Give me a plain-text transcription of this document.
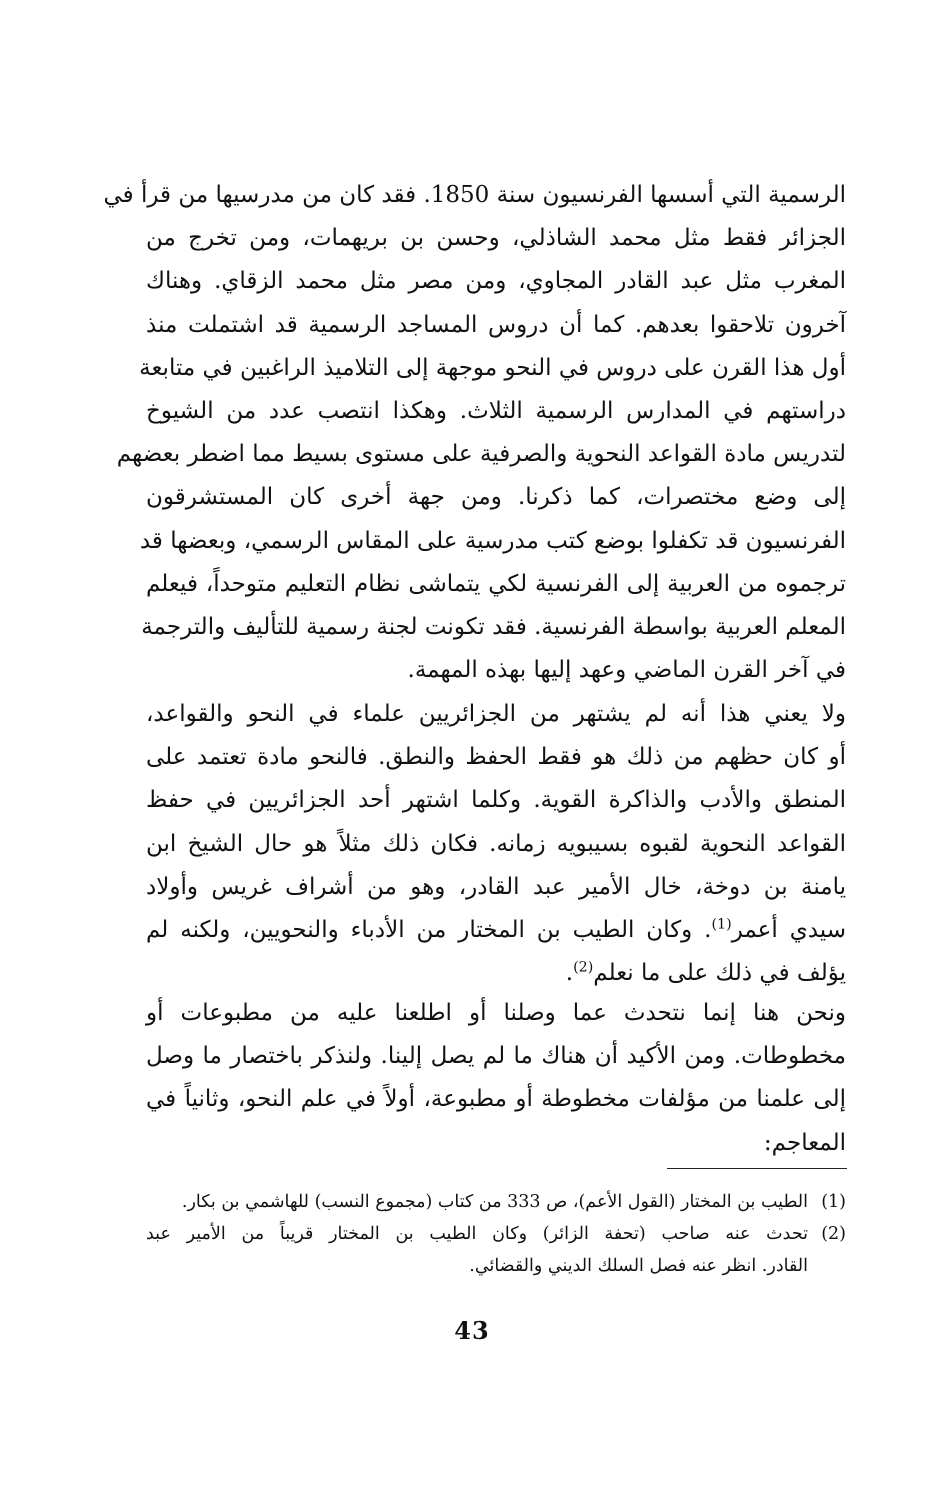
الرسمية التي أسسها الفرنسيون سنة 1850. فقد كان من مدرسيها من قرأ في
الجزائر فقط مثل محمد الشاذلي، وحسن بن بريهمات، ومن تخرج من
المغرب مثل عبد القادر المجاوي، ومن مصر مثل محمد الزقاي. وهناك
آخرون تلاحقوا بعدهم. كما أن دروس المساجد الرسمية قد اشتملت منذ
أول هذا القرن على دروس في النحو موجهة إلى التلاميذ الراغبين في متابعة
دراستهم في المدارس الرسمية الثلاث. وهكذا انتصب عدد من الشيوخ
لتدريس مادة القواعد النحوية والصرفية على مستوى بسيط مما اضطر بعضهم
إلى وضع مختصرات، كما ذكرنا. ومن جهة أخرى كان المستشرقون
الفرنسيون قد تكفلوا بوضع كتب مدرسية على المقاس الرسمي، وبعضها قد
ترجموه من العربية إلى الفرنسية لكي يتماشى نظام التعليم متوحداً، فيعلم
المعلم العربية بواسطة الفرنسية. فقد تكونت لجنة رسمية للتأليف والترجمة
في آخر القرن الماضي وعهد إليها بهذه المهمة.
ولا يعني هذا أنه لم يشتهر من الجزائريين علماء في النحو والقواعد،
أو كان حظهم من ذلك هو فقط الحفظ والنطق. فالنحو مادة تعتمد على
المنطق والأدب والذاكرة القوية. وكلما اشتهر أحد الجزائريين في حفظ
القواعد النحوية لقبوه بسيبويه زمانه. فكان ذلك مثلاً هو حال الشيخ ابن
يامنة بن دوخة، خال الأمير عبد القادر، وهو من أشراف غريس وأولاد
سيدي أعمر$^{(1)}$. وكان الطيب بن المختار من الأدباء والنحويين، ولكنه لم
يؤلف في ذلك على ما نعلم$^{(2)}$.
ونحن هنا إنما نتحدث عما وصلنا أو اطلعنا عليه من مطبوعات أو
مخطوطات. ومن الأكيد أن هناك ما لم يصل إلينا. ولنذكر باختصار ما وصل
إلى علمنا من مؤلفات مخطوطة أو مطبوعة، أولاً في علم النحو، وثانياً في
المعاجم:
(1)
الطيب بن المختار (القول الأعم)، ص 333 من كتاب (مجموع النسب) للهاشمي بن بكار.
(2)
تحدث عنه صاحب (تحفة الزائر) وكان الطيب بن المختار قريباً من الأمير عبد
القادر. انظر عنه فصل السلك الديني والقضائي.
43
